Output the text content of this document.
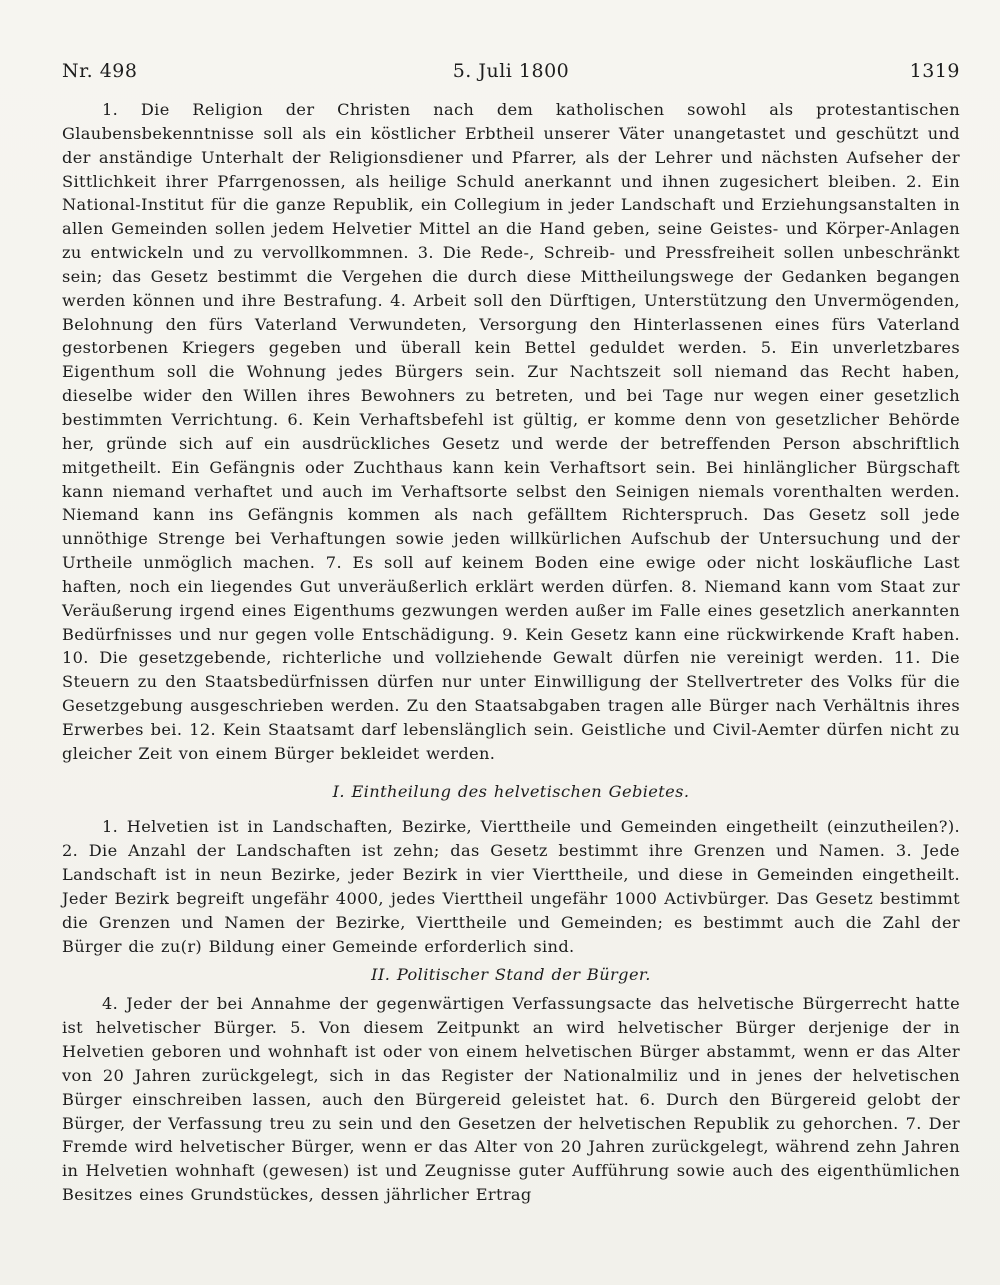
Nr. 498	5. Juli 1800	1319

1. Die Religion der Christen nach dem katholischen sowohl als protestantischen Glaubensbekenntnisse soll als ein köstlicher Erbtheil unserer Väter unangetastet und geschützt und der anständige Unterhalt der Religionsdiener und Pfarrer, als der Lehrer und nächsten Aufseher der Sittlichkeit ihrer Pfarrgenossen, als heilige Schuld anerkannt und ihnen zugesichert bleiben. 2. Ein National-Institut für die ganze Republik, ein Collegium in jeder Landschaft und Erziehungsanstalten in allen Gemeinden sollen jedem Helvetier Mittel an die Hand geben, seine Geistes- und Körper-Anlagen zu entwickeln und zu vervollkommnen. 3. Die Rede-, Schreib- und Pressfreiheit sollen unbeschränkt sein; das Gesetz bestimmt die Vergehen die durch diese Mittheilungswege der Gedanken begangen werden können und ihre Bestrafung. 4. Arbeit soll den Dürftigen, Unterstützung den Unvermögenden, Belohnung den fürs Vaterland Verwundeten, Versorgung den Hinterlassenen eines fürs Vaterland gestorbenen Kriegers gegeben und überall kein Bettel geduldet werden. 5. Ein unverletzbares Eigenthum soll die Wohnung jedes Bürgers sein. Zur Nachtszeit soll niemand das Recht haben, dieselbe wider den Willen ihres Bewohners zu betreten, und bei Tage nur wegen einer gesetzlich bestimmten Verrichtung. 6. Kein Verhaftsbefehl ist gültig, er komme denn von gesetzlicher Behörde her, gründe sich auf ein ausdrückliches Gesetz und werde der betreffenden Person abschriftlich mitgetheilt. Ein Gefängnis oder Zuchthaus kann kein Verhaftsort sein. Bei hinlänglicher Bürgschaft kann niemand verhaftet und auch im Verhaftsorte selbst den Seinigen niemals vorenthalten werden. Niemand kann ins Gefängnis kommen als nach gefälltem Richterspruch. Das Gesetz soll jede unnöthige Strenge bei Verhaftungen sowie jeden willkürlichen Aufschub der Untersuchung und der Urtheile unmöglich machen. 7. Es soll auf keinem Boden eine ewige oder nicht loskäufliche Last haften, noch ein liegendes Gut unveräußerlich erklärt werden dürfen. 8. Niemand kann vom Staat zur Veräußerung irgend eines Eigenthums gezwungen werden außer im Falle eines gesetzlich anerkannten Bedürfnisses und nur gegen volle Entschädigung. 9. Kein Gesetz kann eine rückwirkende Kraft haben. 10. Die gesetzgebende, richterliche und vollziehende Gewalt dürfen nie vereinigt werden. 11. Die Steuern zu den Staatsbedürfnissen dürfen nur unter Einwilligung der Stellvertreter des Volks für die Gesetzgebung ausgeschrieben werden. Zu den Staatsabgaben tragen alle Bürger nach Verhältnis ihres Erwerbes bei. 12. Kein Staatsamt darf lebenslänglich sein. Geistliche und Civil-Aemter dürfen nicht zu gleicher Zeit von einem Bürger bekleidet werden.

I. Eintheilung des helvetischen Gebietes.

1. Helvetien ist in Landschaften, Bezirke, Vierttheile und Gemeinden eingetheilt (einzutheilen?). 2. Die Anzahl der Landschaften ist zehn; das Gesetz bestimmt ihre Grenzen und Namen. 3. Jede Landschaft ist in neun Bezirke, jeder Bezirk in vier Vierttheile, und diese in Gemeinden eingetheilt. Jeder Bezirk begreift ungefähr 4000, jedes Vierttheil ungefähr 1000 Activbürger. Das Gesetz bestimmt die Grenzen und Namen der Bezirke, Vierttheile und Gemeinden; es bestimmt auch die Zahl der Bürger die zu(r) Bildung einer Gemeinde erforderlich sind.

II. Politischer Stand der Bürger.

4. Jeder der bei Annahme der gegenwärtigen Verfassungsacte das helvetische Bürgerrecht hatte ist helvetischer Bürger. 5. Von diesem Zeitpunkt an wird helvetischer Bürger derjenige der in Helvetien geboren und wohnhaft ist oder von einem helvetischen Bürger abstammt, wenn er das Alter von 20 Jahren zurückgelegt, sich in das Register der Nationalmiliz und in jenes der helvetischen Bürger einschreiben lassen, auch den Bürgereid geleistet hat. 6. Durch den Bürgereid gelobt der Bürger, der Verfassung treu zu sein und den Gesetzen der helvetischen Republik zu gehorchen. 7. Der Fremde wird helvetischer Bürger, wenn er das Alter von 20 Jahren zurückgelegt, während zehn Jahren in Helvetien wohnhaft (gewesen) ist und Zeugnisse guter Aufführung sowie auch des eigenthümlichen Besitzes eines Grundstückes, dessen jährlicher Ertrag
